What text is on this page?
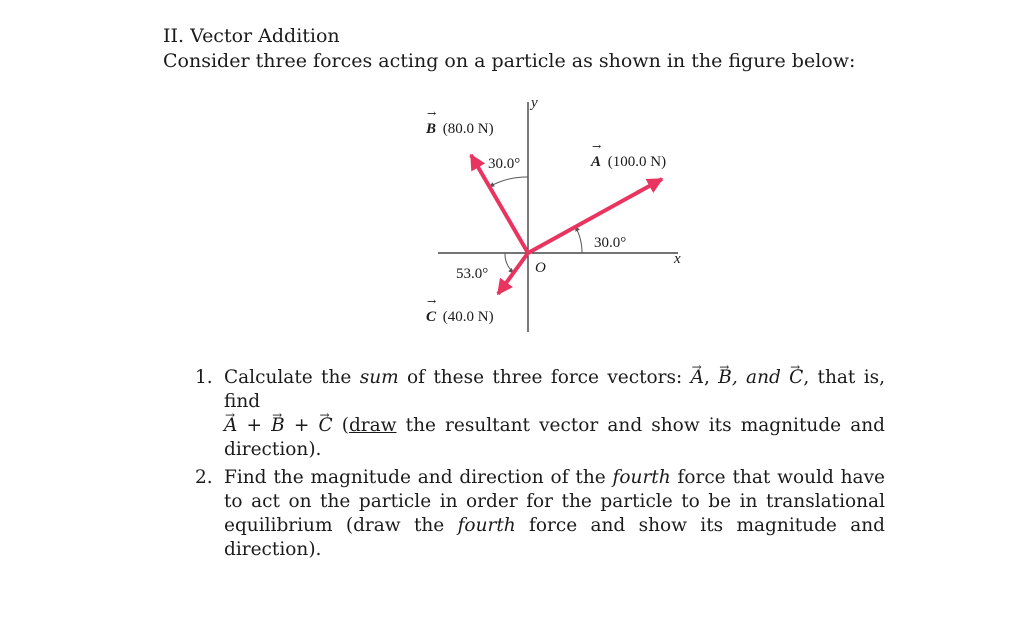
II. Vector Addition
Consider three forces acting on a particle as shown in the figure below:
y
x
O
→
B (80.0 N)
30.0°
→
A (100.0 N)
30.0°
53.0°
→
C (40.0 N)
1. Calculate the sum of these three force vectors: → A, → B, and → C, that is, find
→ A + → B + → C (draw the resultant vector and show its magnitude and direction).
2. Find the magnitude and direction of the fourth force that would have to act on the particle in order for the particle to be in translational equilibrium (draw the fourth force and show its magnitude and direction).
